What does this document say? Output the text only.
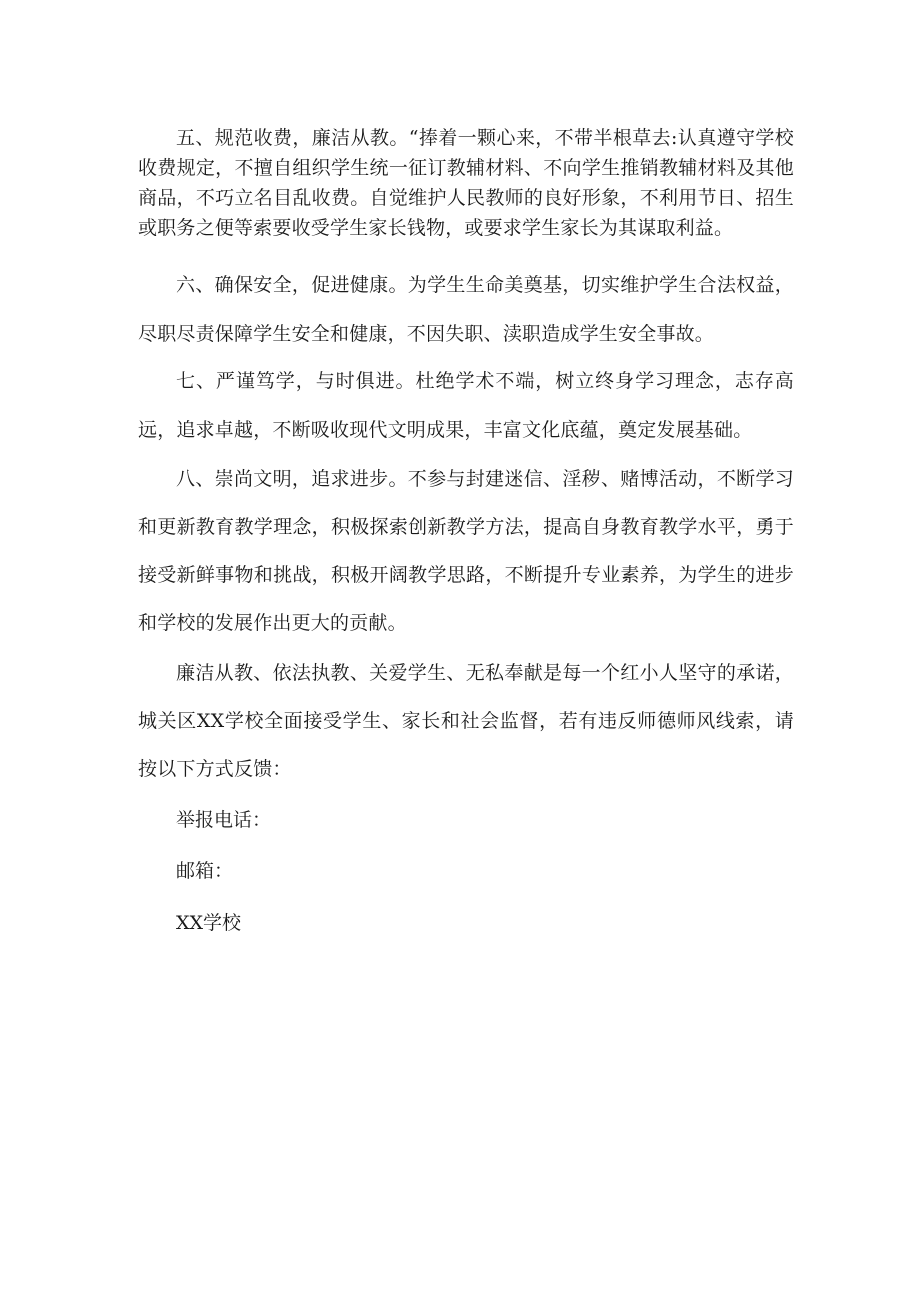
五、规范收费，廉洁从教。“捧着一颗心来，不带半根草去:认真遵守学校收费规定，不擅自组织学生统一征订教辅材料、不向学生推销教辅材料及其他商品，不巧立名目乱收费。自觉维护人民教师的良好形象，不利用节日、招生或职务之便等索要收受学生家长钱物，或要求学生家长为其谋取利益。

六、确保安全，促进健康。为学生生命美奠基，切实维护学生合法权益，尽职尽责保障学生安全和健康，不因失职、渎职造成学生安全事故。

七、严谨笃学，与时俱进。杜绝学术不端，树立终身学习理念，志存高远，追求卓越，不断吸收现代文明成果，丰富文化底蕴，奠定发展基础。

八、崇尚文明，追求进步。不参与封建迷信、淫秽、赌博活动，不断学习和更新教育教学理念，积极探索创新教学方法，提高自身教育教学水平，勇于接受新鲜事物和挑战，积极开阔教学思路，不断提升专业素养，为学生的进步和学校的发展作出更大的贡献。

廉洁从教、依法执教、关爱学生、无私奉献是每一个红小人坚守的承诺，城关区XX学校全面接受学生、家长和社会监督，若有违反师德师风线索，请按以下方式反馈：

举报电话：

邮箱：

XX学校
